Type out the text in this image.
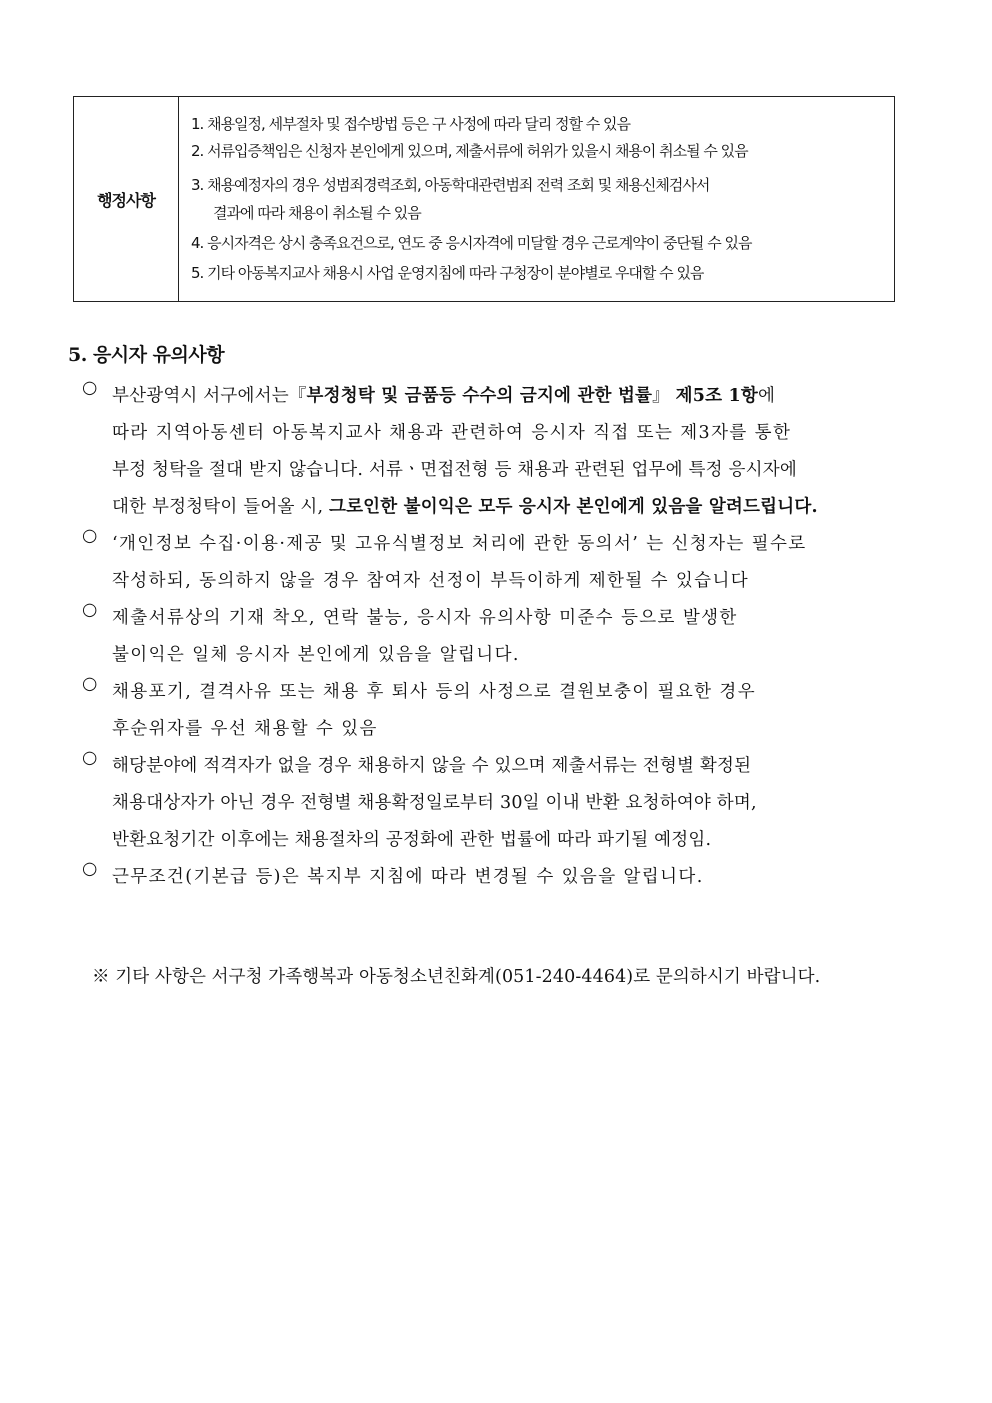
행정사항
1. 채용일정, 세부절차 및 접수방법 등은 구 사정에 따라 달리 정할 수 있음
2. 서류입증책임은 신청자 본인에게 있으며, 제출서류에 허위가 있을시 채용이 취소될 수 있음
3. 채용예정자의 경우 성범죄경력조회, 아동학대관련범죄 전력 조회 및 채용신체검사서
결과에 따라 채용이 취소될 수 있음
4. 응시자격은 상시 충족요건으로, 연도 중 응시자격에 미달할 경우 근로계약이 중단될 수 있음
5. 기타 아동복지교사 채용시 사업 운영지침에 따라 구청장이 분야별로 우대할 수 있음
5. 응시자 유의사항
○ 부산광역시 서구에서는『부정청탁 및 금품등 수수의 금지에 관한 법률』 제5조 1항에
따라 지역아동센터 아동복지교사 채용과 관련하여 응시자 직접 또는 제3자를 통한
부정 청탁을 절대 받지 않습니다. 서류ㆍ면접전형 등 채용과 관련된 업무에 특정 응시자에
대한 부정청탁이 들어올 시, 그로인한 불이익은 모두 응시자 본인에게 있음을 알려드립니다.
○ ‘개인정보 수집·이용·제공 및 고유식별정보 처리에 관한 동의서’ 는 신청자는 필수로
작성하되, 동의하지 않을 경우 참여자 선정이 부득이하게 제한될 수 있습니다
○ 제출서류상의 기재 착오, 연락 불능, 응시자 유의사항 미준수 등으로 발생한
불이익은 일체 응시자 본인에게 있음을 알립니다.
○ 채용포기, 결격사유 또는 채용 후 퇴사 등의 사정으로 결원보충이 필요한 경우
후순위자를 우선 채용할 수 있음
○ 해당분야에 적격자가 없을 경우 채용하지 않을 수 있으며 제출서류는 전형별 확정된
채용대상자가 아닌 경우 전형별 채용확정일로부터 30일 이내 반환 요청하여야 하며,
반환요청기간 이후에는 채용절차의 공정화에 관한 법률에 따라 파기될 예정임.
○ 근무조건(기본급 등)은 복지부 지침에 따라 변경될 수 있음을 알립니다.
※ 기타 사항은 서구청 가족행복과 아동청소년친화계(051-240-4464)로 문의하시기 바랍니다.
